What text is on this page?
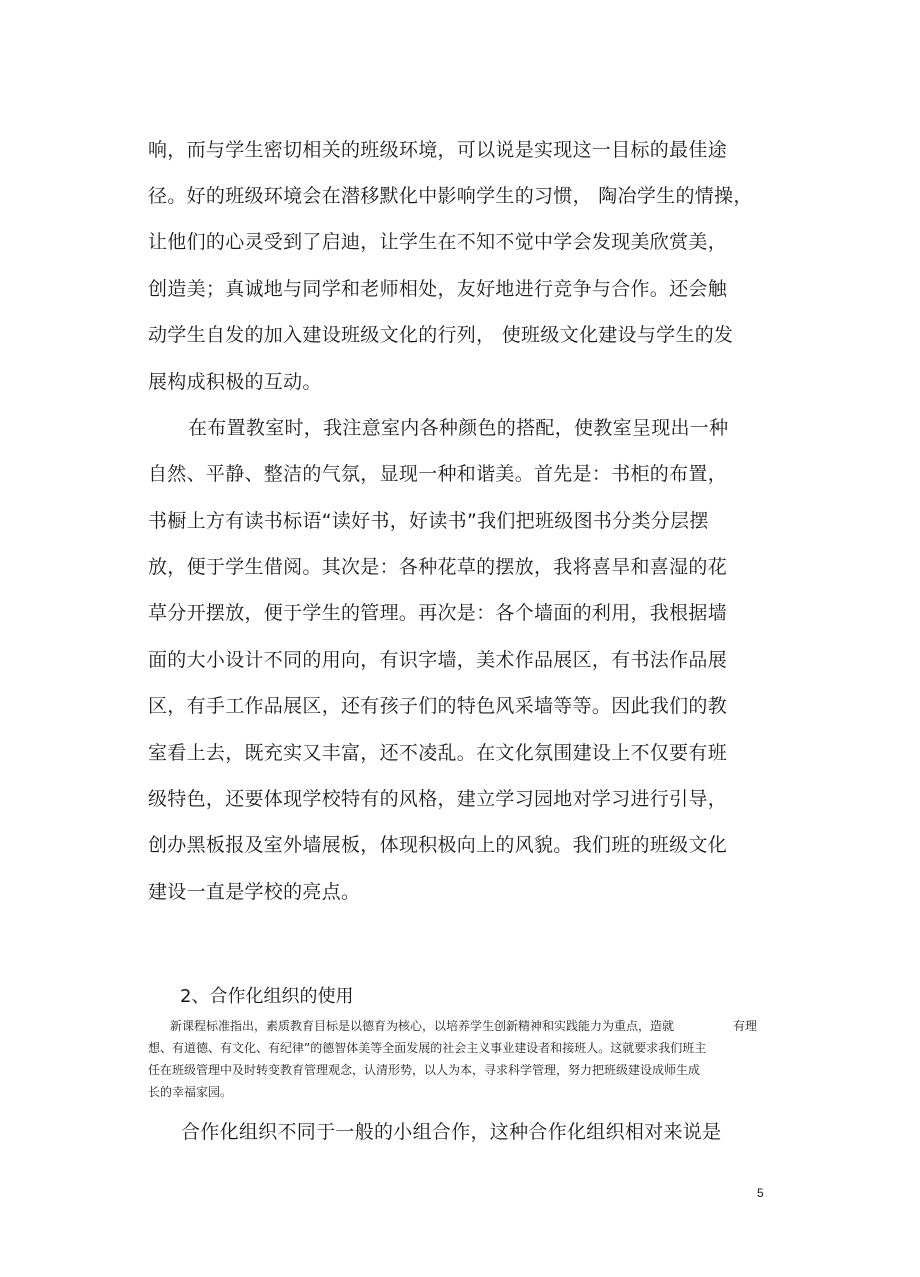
响，而与学生密切相关的班级环境，可以说是实现这一目标的最佳途

径。好的班级环境会在潜移默化中影响学生的习惯， 陶冶学生的情操，

让他们的心灵受到了启迪，让学生在不知不觉中学会发现美欣赏美，

创造美；真诚地与同学和老师相处，友好地进行竞争与合作。还会触

动学生自发的加入建设班级文化的行列， 使班级文化建设与学生的发

展构成积极的互动。

在布置教室时，我注意室内各种颜色的搭配，使教室呈现出一种

自然、平静、整洁的气氛，显现一种和谐美。首先是：书柜的布置，

书橱上方有读书标语“读好书，好读书”我们把班级图书分类分层摆

放，便于学生借阅。其次是：各种花草的摆放，我将喜旱和喜湿的花

草分开摆放，便于学生的管理。再次是：各个墙面的利用，我根据墙

面的大小设计不同的用向，有识字墙，美术作品展区，有书法作品展

区，有手工作品展区，还有孩子们的特色风采墙等等。因此我们的教

室看上去，既充实又丰富，还不凌乱。在文化氛围建设上不仅要有班

级特色，还要体现学校特有的风格，建立学习园地对学习进行引导，

创办黑板报及室外墙展板，体现积极向上的风貌。我们班的班级文化

建设一直是学校的亮点。

2、合作化组织的使用

新课程标准指出，素质教育目标是以德育为核心，以培养学生创新精神和实践能力为重点，造就	有理

想、有道德、有文化、有纪律”的德智体美等全面发展的社会主义事业建设者和接班人。这就要求我们班主

任在班级管理中及时转变教育管理观念，认清形势，以人为本，寻求科学管理，努力把班级建设成师生成

长的幸福家园。

合作化组织不同于一般的小组合作，这种合作化组织相对来说是

5
